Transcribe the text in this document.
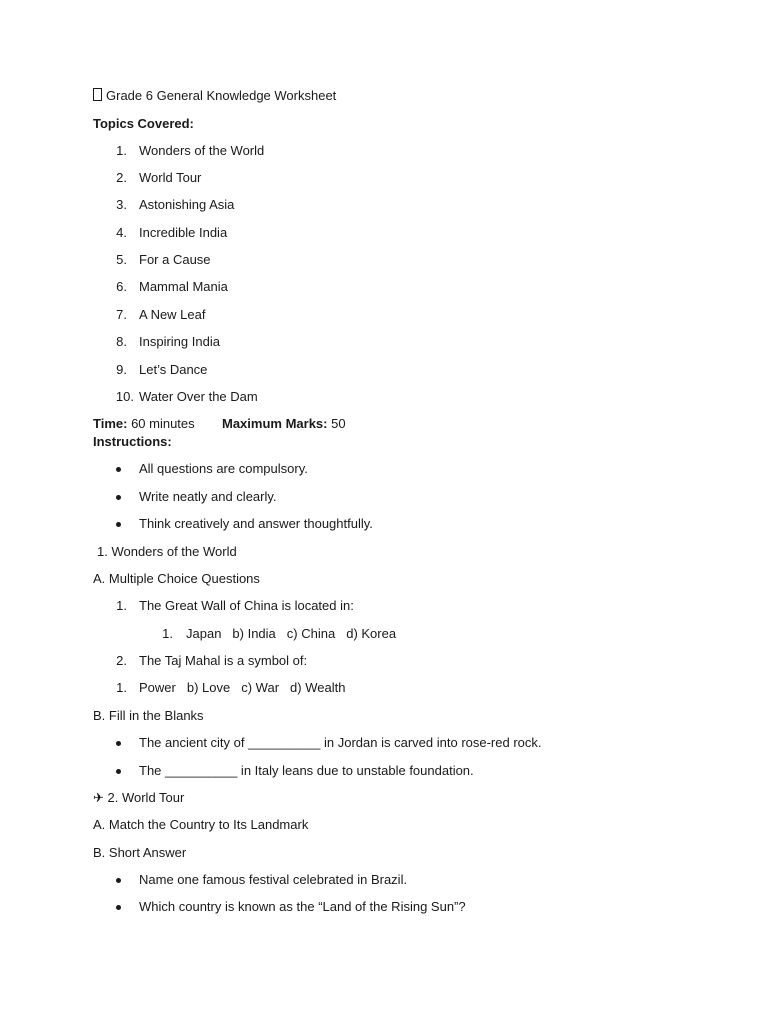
Grade 6 General Knowledge Worksheet
Topics Covered:
1. Wonders of the World
2. World Tour
3. Astonishing Asia
4. Incredible India
5. For a Cause
6. Mammal Mania
7. A New Leaf
8. Inspiring India
9. Let’s Dance
10. Water Over the Dam
Time: 60 minutes Maximum Marks: 50
Instructions:
All questions are compulsory.
Write neatly and clearly.
Think creatively and answer thoughtfully.
1. Wonders of the World
A. Multiple Choice Questions
1. The Great Wall of China is located in:
1. Japan b) India c) China d) Korea
2. The Taj Mahal is a symbol of:
1. Power b) Love c) War d) Wealth
B. Fill in the Blanks
The ancient city of __________ in Jordan is carved into rose-red rock.
The __________ in Italy leans due to unstable foundation.
✈ 2. World Tour
A. Match the Country to Its Landmark
B. Short Answer
Name one famous festival celebrated in Brazil.
Which country is known as the “Land of the Rising Sun”?
